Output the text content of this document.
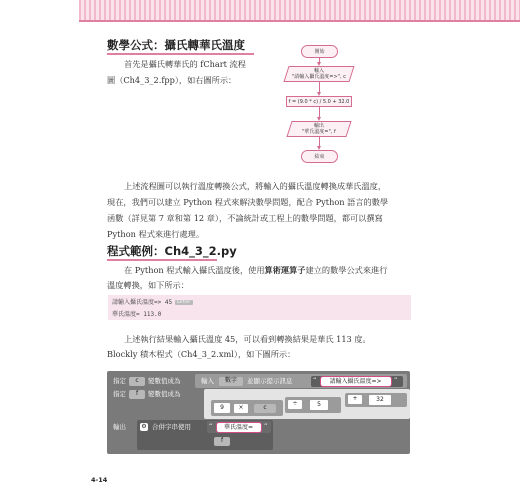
數學公式：攝氏轉華氏溫度
首先是攝氏轉華氏的 fChart 流程
圖（Ch4_3_2.fpp），如右圖所示：
開始
輸入
"請輸入攝氏溫度=>", c
f = (9.0 * c) / 5.0 + 32.0
輸出
"華氏溫度=", f
結束
上述流程圖可以執行溫度轉換公式，將輸入的攝氏溫度轉換成華氏溫度，
現在，我們可以建立 Python 程式來解決數學問題，配合 Python 語言的數學
函數（詳見第 7 章和第 12 章），不論統計或工程上的數學問題，都可以撰寫
Python 程式來進行處理。
程式範例：Ch4_3_2.py
在 Python 程式輸入攝氏溫度後，使用算術運算子建立的數學公式來進行
溫度轉換，如下所示：
請輸入攝氏溫度=> 45 Enter
華氏溫度= 113.0
上述執行結果輸入攝氏溫度 45，可以看到轉換結果是華氏 113 度。
Blockly 積木程式（Ch4_3_2.xml），如下圖所示：
指定	c	變數值成為	輸入	數字	並顯示提示訊息	“	請輸入攝氏溫度=>	”
指定	f	變數值成為
+	32
÷	5
9	×	c
輸出	⚙ 合併字串使用	“	華氏溫度=	”
f
4-14
